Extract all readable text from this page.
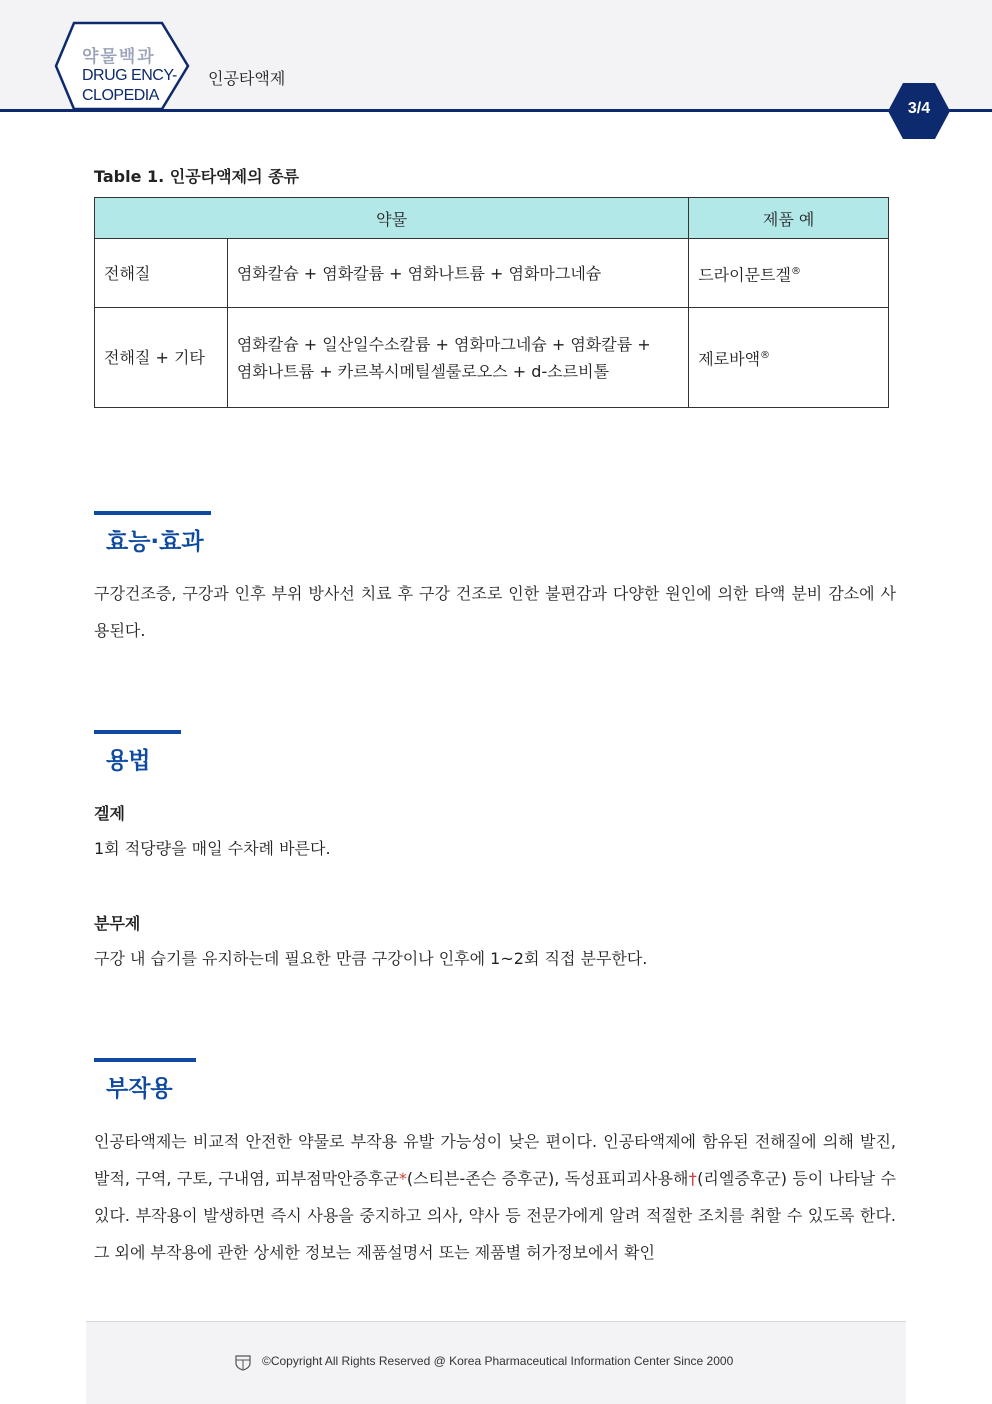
약물백과
DRUG ENCY-
CLOPEDIA
인공타액제
3/4
Table 1. 인공타액제의 종류
약물		제품 예
전해질	염화칼슘 + 염화칼륨 + 염화나트륨 + 염화마그네슘	드라이문트겔®
전해질 + 기타	염화칼슘 + 일산일수소칼륨 + 염화마그네슘 + 염화칼륨 +
염화나트륨 + 카르복시메틸셀룰로오스 + d-소르비톨	제로바액®
효능·효과
구강건조증, 구강과 인후 부위 방사선 치료 후 구강 건조로 인한 불편감과 다양한 원인에 의한 타액 분비 감소에 사용된다.
용법
겔제
1회 적당량을 매일 수차례 바른다.
분무제
구강 내 습기를 유지하는데 필요한 만큼 구강이나 인후에 1~2회 직접 분무한다.
부작용
인공타액제는 비교적 안전한 약물로 부작용 유발 가능성이 낮은 편이다. 인공타액제에 함유된 전해질에 의해 발진, 발적, 구역, 구토, 구내염, 피부점막안증후군*(스티븐-존슨 증후군), 독성표피괴사용해†(리엘증후군) 등이 나타날 수 있다. 부작용이 발생하면 즉시 사용을 중지하고 의사, 약사 등 전문가에게 알려 적절한 조치를 취할 수 있도록 한다. 그 외에 부작용에 관한 상세한 정보는 제품설명서 또는 제품별 허가정보에서 확인
©Copyright All Rights Reserved @ Korea Pharmaceutical Information Center Since 2000
